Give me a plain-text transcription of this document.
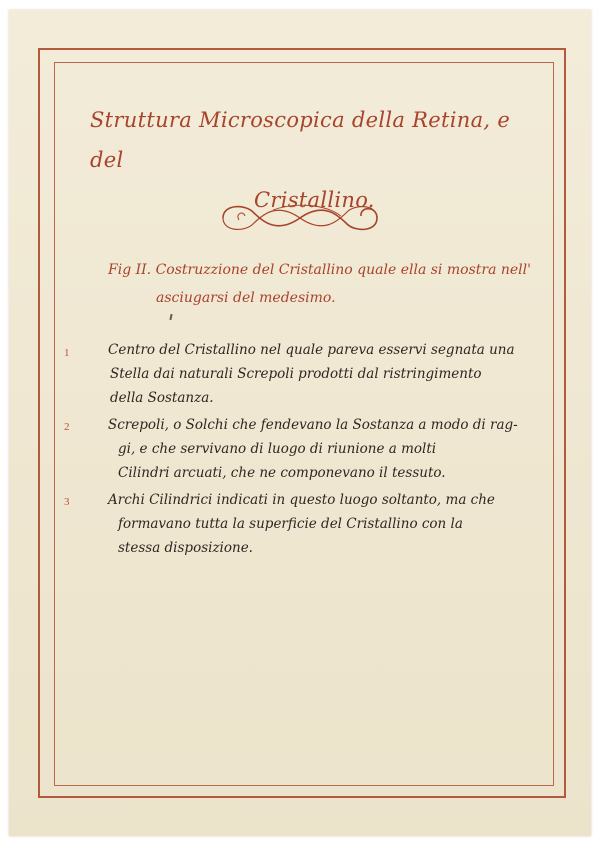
Struttura Microscopica della Retina, e del
Cristallino.
Fig II. Costruzzione del Cristallino quale ella si mostra nell'
asciugarsi del medesimo.
1	Centro del Cristallino nel quale pareva esservi segnata una
Stella dai naturali Screpoli prodotti dal ristringimento
della Sostanza.
2	Screpoli, o Solchi che fendevano la Sostanza a modo di rag-
gi, e che servivano di luogo di riunione a molti
Cilindri arcuati, che ne componevano il tessuto.
3	Archi Cilindrici indicati in questo luogo soltanto, ma che
formavano tutta la superficie del Cristallino con la
stessa disposizione.
